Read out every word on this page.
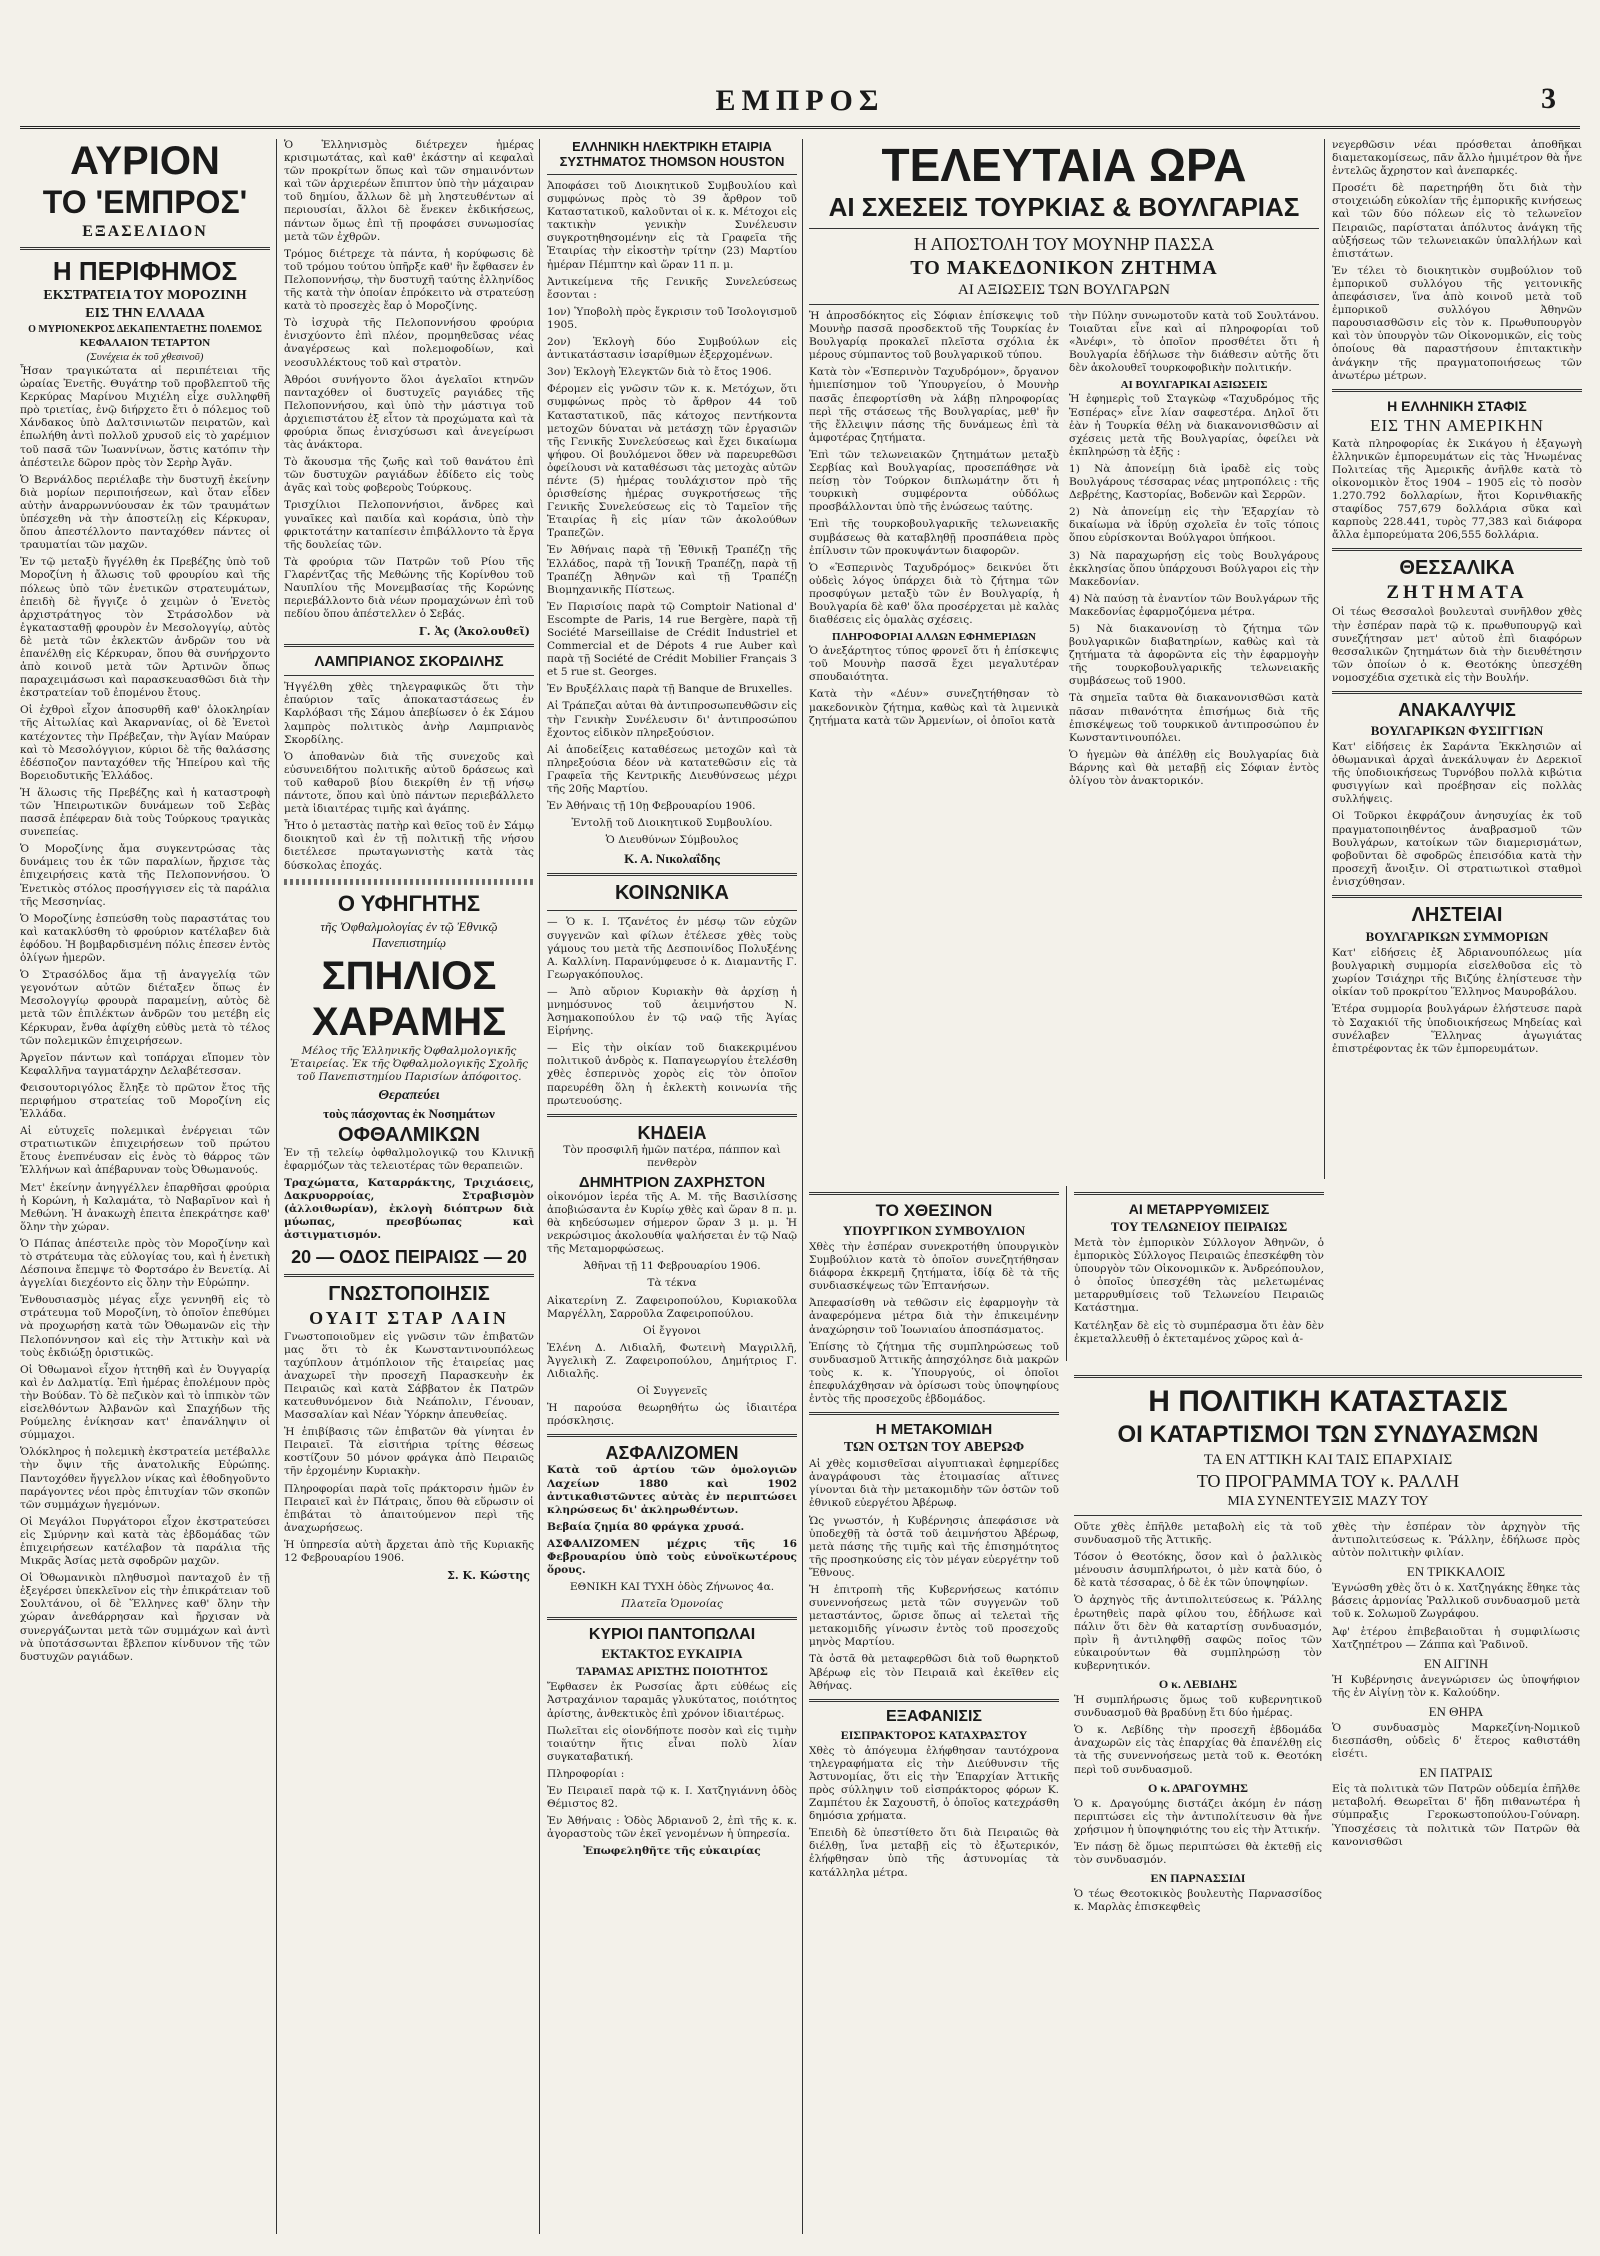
ΕΜΠΡΟΣ	3
ΑΥΡΙΟΝ
ΤΟ 'ΕΜΠΡΟΣ'
ΕΞΑΣΕΛΙΔΟΝ
Η ΠΕΡΙΦΗΜΟΣ
ΕΚΣΤΡΑΤΕΙΑ ΤΟΥ ΜΟΡΟΖΙΝΗ
ΕΙΣ ΤΗΝ ΕΛΛΑΔΑ
Ο ΜΥΡΙΟΝΕΚΡΟΣ ΔΕΚΑΠΕΝΤΑΕΤΗΣ ΠΟΛΕΜΟΣ
ΚΕΦΑΛΑΙΟΝ ΤΕΤΑΡΤΟΝ
(Συνέχεια ἐκ τοῦ χθεσινοῦ)

Ἦσαν τραγικώτατα αἱ περιπέτειαι τῆς ὡραίας Ἐνετῆς. Θυγάτηρ τοῦ προβλεπτοῦ τῆς Κερκύρας Μαρίνου Μιχιέλη εἶχε συλληφθῆ πρὸ τριετίας, ἐνῷ διήρχετο ἔτι ὁ πόλεμος τοῦ Χάνδακος ὑπὸ Δαλτσινιωτῶν πειρατῶν, καὶ ἐπωλήθη ἀντὶ πολλοῦ χρυσοῦ εἰς τὸ χαρέμιον τοῦ πασᾶ τῶν Ἰωαννίνων, ὅστις κατόπιν τὴν ἀπέστειλε δῶρον πρὸς τὸν Σερὴρ Ἀγᾶν.

Ὁ Βερνάλδος περιέλαβε τὴν δυστυχῆ ἐκείνην διὰ μορίων περιποιήσεων, καὶ ὅταν εἶδεν αὐτὴν ἀναρρωννύουσαν ἐκ τῶν τραυμάτων ὑπέσχεθη νὰ τὴν ἀποστείλῃ εἰς Κέρκυραν, ὅπου ἀπεστέλλοντο πανταχόθεν πάντες οἱ τραυματίαι τῶν μαχῶν.

Ἐν τῷ μεταξὺ ἤγγέλθη ἐκ Πρεβέζης ὑπὸ τοῦ Μοροζίνη ἡ ἄλωσις τοῦ φρουρίου καὶ τῆς πόλεως ὑπὸ τῶν ἐνετικῶν στρατευμάτων, ἐπειδὴ δὲ ἤγγιζε ὁ χειμὼν ὁ Ἐνετὸς ἀρχιστράτηγος τὸν Στράσολδον νὰ ἐγκατασταθῇ φρουρὸν ἐν Μεσολογγίῳ, αὐτὸς δὲ μετὰ τῶν ἐκλεκτῶν ἀνδρῶν του νὰ ἐπανέλθῃ εἰς Κέρκυραν, ὅπου θὰ συνήρχοντο ἀπὸ κοινοῦ μετὰ τῶν Ἀρτινῶν ὅπως παραχειμάσωσι καὶ παρασκευασθῶσι διὰ τὴν ἐκστρατείαν τοῦ ἐπομένου ἔτους.

Οἱ ἐχθροὶ εἶχον ἀποσυρθῆ καθ' ὁλοκληρίαν τῆς Αἰτωλίας καὶ Ἀκαρνανίας, οἱ δὲ Ἐνετοὶ κατέχοντες τὴν Πρέβεζαν, τὴν Ἁγίαν Μαύραν καὶ τὸ Μεσολόγγιον, κύριοι δὲ τῆς θαλάσσης ἐδέσποζον πανταχόθεν τῆς Ἠπείρου καὶ τῆς Βορειοδυτικῆς Ἑλλάδος.

Ἡ ἅλωσις τῆς Πρεβέζης καὶ ἡ καταστροφὴ τῶν Ἠπειρωτικῶν δυνάμεων τοῦ Σεβὰς πασσᾶ ἐπέφεραν διὰ τοὺς Τούρκους τραγικὰς συνεπείας.

Ὁ Μοροζίνης ἄμα συγκεντρώσας τὰς δυνάμεις του ἐκ τῶν παραλίων, ἤρχισε τὰς ἐπιχειρήσεις κατὰ τῆς Πελοποννήσου. Ὁ Ἑνετικὸς στόλος προσήγγισεν εἰς τὰ παράλια τῆς Μεσσηνίας.

Ὁ Μοροζίνης ἐσπεύσθη τοὺς παραστάτας του καὶ κατακλύσθη τὸ φρούριον κατέλαβεν διὰ ἐφόδου. Ἡ βομβαρδισμένη πόλις ἐπεσεν ἐντὸς ὀλίγων ἡμερῶν.

Ὁ Στρασόλδος ἅμα τῇ ἀναγγελίᾳ τῶν γεγονότων αὐτῶν διέταξεν ὅπως ἐν Μεσολογγίῳ φρουρὰ παραμείνῃ, αὐτὸς δὲ μετὰ τῶν ἐπιλέκτων ἀνδρῶν του μετέβη εἰς Κέρκυραν, ἔνθα ἀφίχθη εὐθὺς μετὰ τὸ τέλος τῶν πολεμικῶν ἐπιχειρήσεων.

Ἀργεῖον πάντων καὶ τοπάρχαι εἴπομεν τὸν Κεφαλλῆνα ταγματάρχην Δελαβέτεσσαν.

Φεισουτοριγόλος ἔληξε τὸ πρῶτον ἔτος τῆς περιφήμου στρατείας τοῦ Μοροζίνη εἰς Ἑλλάδα.

Αἱ εὐτυχεῖς πολεμικαὶ ἐνέργειαι τῶν στρατιωτικῶν ἐπιχειρήσεων τοῦ πρώτου ἔτους ἐνεπνέυσαν εἰς ἐνὸς τὸ θάρρος τῶν Ἑλλήνων καὶ ἀπέβαρυναν τοὺς Ὀθωμανούς.

Μετ' ἐκείνην ἀνηγγέλλεν ἐπαρθῆσαι φρούρια ἡ Κορώνη, ἡ Καλαμάτα, τὸ Ναβαρῖνον καὶ ἡ Μεθώνη. Ἡ ἀνακωχὴ ἐπειτα ἐπεκράτησε καθ' ὅλην τὴν χώραν.

Ὁ Πάπας ἀπέστειλε πρὸς τὸν Μοροζίνην καὶ τὸ στράτευμα τὰς εὐλογίας του, καὶ ἡ ἐνετικὴ Δέσποινα ἔπεμψε τὸ Φορτσάρο ἐν Βενετίᾳ. Αἱ ἀγγελίαι διεχέοντο εἰς ὅλην τὴν Εὐρώπην.

Ἐνθουσιασμὸς μέγας εἶχε γεννηθῆ εἰς τὸ στράτευμα τοῦ Μοροζίνη, τὸ ὁποῖον ἐπεθύμει νὰ προχωρήσῃ κατὰ τῶν Ὀθωμανῶν εἰς τὴν Πελοπόννησον καὶ εἰς τὴν Ἀττικὴν καὶ νὰ τοὺς ἐκδιώξῃ ὁριστικῶς.

Οἱ Ὀθωμανοὶ εἶχον ἡττηθῆ καὶ ἐν Ὀυγγαρίᾳ καὶ ἐν Δαλματίᾳ. Ἐπὶ ἡμέρας ἐπολέμουν πρὸς τὴν Βούδαν. Τὸ δὲ πεζικὸν καὶ τὸ ἱππικὸν τῶν εἰσελθόντων Ἀλβανῶν καὶ Σπαχήδων τῆς Ρούμελης ἐνίκησαν κατ' ἐπανάληψιν οἱ σύμμαχοι.

Ὁλόκληρος ἡ πολεμικὴ ἐκστρατεία μετέβαλλε τὴν ὄψιν τῆς ἀνατολικῆς Εὐρώπης. Παντοχόθεν ἤγγελλον νίκας καὶ ἐθοδηγοῦντο παράγοντες νέοι πρὸς ἐπιτυχίαν τῶν σκοπῶν τῶν συμμάχων ἡγεμόνων.

Οἱ Μεγάλοι Πυργάτοροι εἶχον ἐκστρατεύσει εἰς Σμύρνην καὶ κατὰ τὰς ἐβδομάδας τῶν ἐπιχειρήσεων κατέλαβον τὰ παράλια τῆς Μικρᾶς Ἀσίας μετὰ σφοδρῶν μαχῶν.

Οἱ Ὀθωμανικὸι πληθυσμοὶ πανταχοῦ ἐν τῇ ἐξεγέρσει ὑπεκλεῖνον εἰς τὴν ἐπικράτειαν τοῦ Σουλτάνου, οἱ δὲ Ἕλληνες καθ' ὅλην τὴν χώραν ἀνεθάρρησαν καὶ ἤρχισαν νὰ συνεργάζωνται μετὰ τῶν συμμάχων καὶ ἀντὶ νὰ ὑποτάσσωνται ἔβλεπον κίνδυνον τῆς τῶν δυστυχῶν ραγιάδων.

Ὁ Ἑλληνισμὸς διέτρεχεν ἡμέρας κρισιμωτάτας, καὶ καθ' ἑκάστην αἱ κεφαλαὶ τῶν προκρίτων ὅπως καὶ τῶν σημαινόντων καὶ τῶν ἀρχιερέων ἔπιπτον ὑπὸ τὴν μάχαιραν τοῦ δημίου, ἄλλων δὲ μὴ ληστευθέντων αἱ περιουσίαι, ἄλλοι δὲ ἕνεκεν ἐκδικήσεως, πάντων ὅμως ἐπὶ τῇ προφάσει συνωμοσίας μετὰ τῶν ἐχθρῶν.

Τρόμος διέτρεχε τὰ πάντα, ἡ κορύφωσις δὲ τοῦ τρόμου τούτου ὑπῆρξε καθ' ἣν ἔφθασεν ἐν Πελοποννήσῳ, τὴν δυστυχῆ ταύτης ἑλληνίδος τῆς κατὰ τὴν ὁποίαν ἐπρόκειτο νὰ στρατεύσῃ κατὰ τὸ προσεχὲς ἔαρ ὁ Μοροζίνης.

Τὸ ἰσχυρὰ τῆς Πελοποννήσου φρούρια ἐνισχύοντο ἐπὶ πλέον, προμηθεῦσας νέας ἀναγέρσεως καὶ πολεμοφοδίων, καὶ νεοσυλλέκτους τοῦ καὶ στρατὸν.

Ἀθρόοι συνήγοντο ὅλοι ἀγελαῖοι κτηνῶν πανταχόθεν οἱ δυστυχεῖς ραγιάδες τῆς Πελοποννήσου, καὶ ὑπὸ τὴν μάστιγα τοῦ ἀρχιεπιστάτου ἐξ εἶτον τὰ προχώματα καὶ τὰ φρούρια ὅπως ἐνισχύσωσι καὶ ἀνεγείρωσι τὰς ἀνάκτορα.

Τὸ ἄκουσμα τῆς ζωῆς καὶ τοῦ θανάτου ἐπὶ τῶν δυστυχῶν ραγιάδων ἐδίδετο εἰς τοὺς ἀγᾶς καὶ τοὺς φοβεροὺς Τούρκους.

Τρισχίλιοι Πελοποννήσιοι, ἄνδρες καὶ γυναῖκες καὶ παιδία καὶ κοράσια, ὑπὸ τὴν φρικτοτάτην καταπίεσιν ἐπιβάλλοντο τὰ ἔργα τῆς δουλείας τῶν.

Τὰ φρούρια τῶν Πατρῶν τοῦ Ρίου τῆς Γλαρέντζας τῆς Μεθώνης τῆς Κορίνθου τοῦ Ναυπλίου τῆς Μονεμβασίας τῆς Κορώνης περιεβάλλοντο διὰ νέων προμαχώνων ἐπὶ τοῦ πεδίου ὅπου ἀπέστελλεν ὁ Σεβάς.

Γ. Ἀς (Ἀκολουθεῖ)
ΛΑΜΠΡΙΑΝΟΣ ΣΚΟΡΔΙΛΗΣ

Ἠγγέλθη χθὲς τηλεγραφικῶς ὅτι τὴν ἐπαύριον ταῖς ἀποκαταστάσεως ἐν Καρλόβασι τῆς Σάμου ἀπεβίωσεν ὁ ἐκ Σάμου λαμπρὸς πολιτικὸς ἀνὴρ Λαμπριανὸς Σκορδίλης.

Ὁ ἀποθανὼν διὰ τῆς συνεχοῦς καὶ εὐσυνειδήτου πολιτικῆς αὐτοῦ δράσεως καὶ τοῦ καθαροῦ βίου διεκρίθη ἐν τῇ νήσῳ πάντοτε, ὅπου καὶ ὑπὸ πάντων περιεβάλλετο μετὰ ἰδιαιτέρας τιμῆς καὶ ἀγάπης.

Ἦτο ὁ μεταστὰς πατὴρ καὶ θεῖος τοῦ ἐν Σάμῳ διοικητοῦ καὶ ἐν τῇ πολιτικῇ τῆς νήσου διετέλεσε πρωταγωνιστὴς κατὰ τὰς δύσκολας ἐποχάς.

Ο ΥΦΗΓΗΤΗΣ
τῆς Ὀφθαλμολογίας ἐν τῷ Ἐθνικῷ Πανεπιστημίῳ
ΣΠΗΛΙΟΣ
ΧΑΡΑΜΗΣ

Μέλος τῆς Ἑλληνικῆς Ὀφθαλμολογικῆς Ἑταιρείας. Ἐκ τῆς Ὀφθαλμολογικῆς Σχολῆς τοῦ Πανεπιστημίου Παρισίων ἀπόφοιτος.

Θεραπεύει
τοὺς πάσχοντας ἐκ Νοσημάτων
ΟΦΘΑΛΜΙΚΩΝ

Ἐν τῇ τελείῳ ὀφθαλμολογικῷ του Κλινικῇ ἐφαρμόζων τὰς τελειοτέρας τῶν θεραπειῶν.

Τραχώματα, Καταρράκτης, Τριχιάσεις, Δακρυορροίας, Στραβισμὸν (ἀλλοιθωρίαν), ἐκλογὴ διόπτρων διὰ μύωπας, πρεσβύωπας καὶ ἀστιγματισμόν.

20 — ΟΔΟΣ ΠΕΙΡΑΙΩΣ — 20
ΓΝΩΣΤΟΠΟΙΗΣΙΣ
ΟΥΑΙΤ ΣΤΑΡ ΛΑΙΝ

Γνωστοποιοῦμεν εἰς γνῶσιν τῶν ἐπιβατῶν μας ὅτι τὸ ἐκ Κωνσταντινουπόλεως ταχύπλουν ἀτμόπλοιον τῆς ἑταιρείας μας ἀναχωρεῖ τὴν προσεχῆ Παρασκευὴν ἐκ Πειραιῶς καὶ κατὰ Σάββατον ἐκ Πατρῶν κατευθυνόμενον διὰ Νεάπολιν, Γένουαν, Μασσαλίαν καὶ Νέαν Ὑόρκην ἀπευθείας.

Ἡ ἐπιβίβασις τῶν ἐπιβατῶν θὰ γίνηται ἐν Πειραιεῖ. Τὰ εἰσιτήρια τρίτης θέσεως κοστίζουν 50 μόνον φράγκα ἀπὸ Πειραιῶς τῆν ἐρχομένην Κυριακὴν.

Πληροφορίαι παρὰ τοῖς πράκτορσιν ἡμῶν ἐν Πειραιεῖ καὶ ἐν Πάτραις, ὅπου θὰ εὕρωσιν οἱ ἐπιβάται τὸ ἀπαιτούμενον περὶ τῆς ἀναχωρήσεως.

Ἡ ὑπηρεσία αὐτὴ ἄρχεται ἀπὸ τῆς Κυριακῆς 12 Φεβρουαρίου 1906.

Σ. Κ. Κώστης
ΕΛΛΗΝΙΚΗ ΗΛΕΚΤΡΙΚΗ ΕΤΑΙΡΙΑ
ΣΥΣΤΗΜΑΤΟΣ THOMSON HOUSTON

Ἀποφάσει τοῦ Διοικητικοῦ Συμβουλίου καὶ συμφώνως πρὸς τὸ 39 ἄρθρον τοῦ Καταστατικοῦ, καλοῦνται οἱ κ. κ. Μέτοχοι εἰς τακτικὴν γενικὴν Συνέλευσιν συγκροτηθησομένην εἰς τὰ Γραφεῖα τῆς Ἑταιρίας τὴν εἰκοστὴν τρίτην (23) Μαρτίου ἡμέραν Πέμπτην καὶ ὥραν 11 π. μ.

Ἀντικείμενα τῆς Γενικῆς Συνελεύσεως ἔσονται :

1ον) Ὑποβολὴ πρὸς ἔγκρισιν τοῦ Ἰσολογισμοῦ 1905.

2ον) Ἐκλογὴ δύο Συμβούλων εἰς ἀντικατάστασιν ἰσαρίθμων ἐξερχομένων.

3ον) Ἐκλογὴ Ἐλεγκτῶν διὰ τὸ ἔτος 1906.

Φέρομεν εἰς γνῶσιν τῶν κ. κ. Μετόχων, ὅτι συμφώνως πρὸς τὸ ἄρθρον 44 τοῦ Καταστατικοῦ, πᾶς κάτοχος πεντήκοντα μετοχῶν δύναται νὰ μετάσχῃ τῶν ἐργασιῶν τῆς Γενικῆς Συνελεύσεως καὶ ἔχει δικαίωμα ψήφου. Οἱ βουλόμενοι ὅθεν νὰ παρευρεθῶσι ὀφείλουσι νὰ καταθέσωσι τὰς μετοχὰς αὐτῶν πέντε (5) ἡμέρας τουλάχιστον πρὸ τῆς ὁρισθείσης ἡμέρας συγκροτήσεως τῆς Γενικῆς Συνελεύσεως εἰς τὸ Ταμεῖον τῆς Ἑταιρίας ἢ εἰς μίαν τῶν ἀκολούθων Τραπεζῶν.

Ἐν Ἀθήναις παρὰ τῇ Ἐθνικῇ Τραπέζῃ τῆς Ἑλλάδος, παρὰ τῇ Ἰονικῇ Τραπέζῃ, παρὰ τῇ Τραπέζῃ Ἀθηνῶν καὶ τῇ Τραπέζῃ Βιομηχανικῆς Πίστεως.

Ἐν Παρισίοις παρὰ τῷ Comptoir National d' Escompte de Paris, 14 rue Bergère, παρὰ τῇ Société Marseillaise de Crédit Industriel et Commercial et de Dépots 4 rue Auber καὶ παρὰ τῇ Société de Crédit Mobilier Français 3 et 5 rue st. Georges.

Ἐν Βρυξέλλαις παρὰ τῇ Banque de Bruxelles.

Αἱ Τράπεζαι αὐται θὰ ἀντιπροσωπευθῶσιν εἰς τὴν Γενικὴν Συνέλευσιν δι' ἀντιπροσώπου ἔχοντος εἰδικὸν πληρεξούσιον.

Αἱ ἀποδείξεις καταθέσεως μετοχῶν καὶ τὰ πληρεξούσια δέον νὰ κατατεθῶσιν εἰς τὰ Γραφεῖα τῆς Κεντρικῆς Διευθύνσεως μέχρι τῆς 20ῆς Μαρτίου.

Ἐν Ἀθήναις τῇ 10ῃ Φεβρουαρίου 1906.

Ἐντολῇ τοῦ Διοικητικοῦ Συμβουλίου.

Ὁ Διευθύνων Σύμβουλος

Κ. Α. Νικολαΐδης
ΚΟΙΝΩΝΙΚΑ

— Ὁ κ. Ι. Τζανέτος ἐν μέσῳ τῶν εὐχῶν συγγενῶν καὶ φίλων ἐτέλεσε χθὲς τοὺς γάμους του μετὰ τῆς Δεσποινίδος Πολυξένης Α. Καλλίνη. Παρανύμφευσε ὁ κ. Διαμαντῆς Γ. Γεωργακόπουλος.

— Ἀπὸ αὔριον Κυριακὴν θὰ ἀρχίσῃ ἡ μνημόσυνος τοῦ ἀειμνήστου Ν. Ἀσημακοπούλου ἐν τῷ ναῷ τῆς Ἁγίας Εἰρήνης.

— Εἰς τὴν οἰκίαν τοῦ διακεκριμένου πολιτικοῦ ἀνδρὸς κ. Παπαγεωργίου ἐτελέσθη χθὲς ἑσπερινὸς χορὸς εἰς τὸν ὁποῖον παρευρέθη ὅλη ἡ ἐκλεκτὴ κοινωνία τῆς πρωτευούσης.

ΚΗΔΕΙΑ

Τὸν προσφιλῆ ἡμῶν πατέρα, πάππον καὶ πενθερὸν

ΔΗΜΗΤΡΙΟΝ ΖΑΧΡΗΣΤΟΝ

οἰκονόμον ἱερέα τῆς Α. Μ. τῆς Βασιλίσσης ἀποβιώσαντα ἐν Κυρίῳ χθὲς καὶ ὥραν 8 π. μ. θὰ κηδεύσωμεν σήμερον ὥραν 3 μ. μ. Ἡ νεκρώσιμος ἀκολουθία ψαλήσεται ἐν τῷ Ναῷ τῆς Μεταμορφώσεως.

Ἀθῆναι τῇ 11 Φεβρουαρίου 1906.

Τὰ τέκνα

Αἰκατερίνη Ζ. Ζαφειροπούλου, Κυριακοῦλα Μαργέλλη, Σαρροῦλα Ζαφειροπούλου.

Οἱ ἔγγονοι

Ἑλένη Δ. Λιδιαλῆ, Φωτεινὴ Μαγριλλῆ, Ἀγγελικὴ Ζ. Ζαφειροπούλου, Δημήτριος Γ. Λιδιαλῆς.

Οἱ Συγγενεῖς

Ἡ παρούσα θεωρηθήτω ὡς ἰδιαιτέρα πρόσκλησις.

ΑΣΦΑΛΙΖΟΜΕΝ

Κατὰ τοῦ ἀρτίου τῶν ὁμολογιῶν Λαχείων 1880 καὶ 1902 ἀντικαθιστῶντες αὐτὰς ἐν περιπτώσει κληρώσεως δι' ἀκληρωθέντων.

Βεβαία ζημία 80 φράγκα χρυσά.

ΑΣΦΑΛΙΖΟΜΕΝ μέχρις τῆς 16 Φεβρουαρίου ὑπὸ τοὺς εὐνοϊκωτέρους ὅρους.

ΕΘΝΙΚΗ ΚΑΙ ΤΥΧΗ ὁδὸς Ζήνωνος 4α.

Πλατεῖα Ὁμονοίας

ΚΥΡΙΟΙ ΠΑΝΤΟΠΩΛΑΙ
ΕΚΤΑΚΤΟΣ ΕΥΚΑΙΡΙΑ
ΤΑΡΑΜΑΣ ΑΡΙΣΤΗΣ ΠΟΙΟΤΗΤΟΣ

Ἔφθασεν ἐκ Ρωσσίας ἄρτι εὐθέως εἰς Ἀστραχάνιον ταραμᾶς γλυκύτατος, ποιότητος ἀρίστης, ἀνθεκτικὸς ἐπὶ χρόνον ἰδιαιτέρως.

Πωλεῖται εἰς οἰονδήποτε ποσὸν καὶ εἰς τιμὴν τοιαύτην ἥτις εἶναι πολὺ λίαν συγκαταβατική.

Πληροφορίαι :

Ἐν Πειραιεῖ παρὰ τῷ κ. Ι. Χατζηγιάννη ὁδὸς Θέμιστος 82.

Ἐν Ἀθήναις : Ὁδὸς Ἀδριανοῦ 2, ἐπὶ τῆς κ. κ. ἀγοραστοὺς τῶν ἐκεῖ γενομένων ἡ ὑπηρεσία.

Ἐπωφεληθῆτε τῆς εὐκαιρίας

ΤΕΛΕΥΤΑΙΑ ΩΡΑ
ΑΙ ΣΧΕΣΕΙΣ ΤΟΥΡΚΙΑΣ & ΒΟΥΛΓΑΡΙΑΣ
Η ΑΠΟΣΤΟΛΗ ΤΟΥ ΜΟΥΝΗΡ ΠΑΣΣΑ
ΤΟ ΜΑΚΕΔΟΝΙΚΟΝ ΖΗΤΗΜΑ
ΑΙ ΑΞΙΩΣΕΙΣ ΤΩΝ ΒΟΥΛΓΑΡΩΝ

Ἡ ἀπροσδόκητος εἰς Σόφιαν ἐπίσκεψις τοῦ Μουνὴρ πασσᾶ προσδεκτοῦ τῆς Τουρκίας ἐν Βουλγαρίᾳ προκαλεῖ πλεῖστα σχόλια ἐκ μέρους σύμπαντος τοῦ βουλγαρικοῦ τύπου.

Κατὰ τὸν «Ἑσπερινὸν Ταχυδρόμον», ὄργανον ἡμιεπίσημον τοῦ Ὑπουργείου, ὁ Μουνὴρ πασᾶς ἐπεφορτίσθη νὰ λάβῃ πληροφορίας περὶ τῆς στάσεως τῆς Βουλγαρίας, μεθ' ἣν τῆς ἔλλειψιν πάσης τῆς δυνάμεως ἐπὶ τὰ ἀμφοτέρας ζητήματα.

Ἐπὶ τῶν τελωνειακῶν ζητημάτων μεταξὺ Σερβίας καὶ Βουλγαρίας, προσεπάθησε νὰ πείσῃ τὸν Τούρκον διπλωμάτην ὅτι ἡ τουρκικὴ συμφέροντα οὐδόλως προσβάλλονται ὑπὸ τῆς ἑνώσεως ταύτης.

Ἐπὶ τῆς τουρκοβουλγαρικῆς τελωνειακῆς συμβάσεως θὰ καταβληθῇ προσπάθεια πρὸς ἐπίλυσιν τῶν προκυψάντων διαφορῶν.

Ὁ «Ἑσπερινὸς Ταχυδρόμος» δεικνύει ὅτι οὐδεὶς λόγος ὑπάρχει διὰ τὸ ζήτημα τῶν προσφύγων μεταξὺ τῶν ἐν Βουλγαρίᾳ, ἡ Βουλγαρία δὲ καθ' ὅλα προσέρχεται μὲ καλὰς διαθέσεις εἰς ὁμαλὰς σχέσεις.

ΠΛΗΡΟΦΟΡΙΑΙ ΑΛΛΩΝ ΕΦΗΜΕΡΙΔΩΝ

Ὁ ἀνεξάρτητος τύπος φρονεῖ ὅτι ἡ ἐπίσκεψις τοῦ Μουνὴρ πασσᾶ ἔχει μεγαλυτέραν σπουδαιότητα.

Κατὰ τὴν «Δέυν» συνεζητήθησαν τὸ μακεδονικὸν ζήτημα, καθὼς καὶ τὰ λιμενικὰ ζητήματα κατὰ τῶν Ἀρμενίων, οἱ ὁποῖοι κατὰ

τὴν Πύλην συνωμοτοῦν κατὰ τοῦ Σουλτάνου. Τοιαῦται εἶνε καὶ αἱ πληροφορίαι τοῦ «Ἀνέφι», τὸ ὁποῖον προσθέτει ὅτι ἡ Βουλγαρία ἐδήλωσε τὴν διάθεσιν αὐτῆς ὅτι δὲν ἀκολουθεῖ τουρκοφοβικὴν πολιτικήν.

ΑΙ ΒΟΥΛΓΑΡΙΚΑΙ ΑΞΙΩΣΕΙΣ

Ἡ ἐφημερὶς τοῦ Σταγκὼφ «Ταχυδρόμος τῆς Ἑσπέρας» εἶνε λίαν σαφεστέρα. Δηλοῖ ὅτι ἐὰν ἡ Τουρκία θέλῃ νὰ διακανονισθῶσιν αἱ σχέσεις μετὰ τῆς Βουλγαρίας, ὀφείλει νὰ ἐκπληρώσῃ τὰ ἑξῆς :

1) Νὰ ἀπονείμῃ διὰ ἰραδὲ εἰς τοὺς Βουλγάρους τέσσαρας νέας μητροπόλεις : τῆς Δεβρέτης, Καστορίας, Βοδενῶν καὶ Σερρῶν.

2) Νὰ ἀπονείμῃ εἰς τὴν Ἐξαρχίαν τὸ δικαίωμα νὰ ἱδρύῃ σχολεῖα ἐν τοῖς τόποις ὅπου εὑρίσκονται Βούλγαροι ὑπήκοοι.

3) Νὰ παραχωρήσῃ εἰς τοὺς Βουλγάρους ἐκκλησίας ὅπου ὑπάρχουσι Βούλγαροι εἰς τὴν Μακεδονίαν.

4) Νὰ παύσῃ τὰ ἐναντίον τῶν Βουλγάρων τῆς Μακεδονίας ἐφαρμοζόμενα μέτρα.

5) Νὰ διακανονίσῃ τὸ ζήτημα τῶν βουλγαρικῶν διαβατηρίων, καθὼς καὶ τὰ ζητήματα τὰ ἀφορῶντα εἰς τὴν ἐφαρμογὴν τῆς τουρκοβουλγαρικῆς τελωνειακῆς συμβάσεως τοῦ 1900.

Τὰ σημεῖα ταῦτα θὰ διακανονισθῶσι κατὰ πᾶσαν πιθανότητα ἐπισήμως διὰ τῆς ἐπισκέψεως τοῦ τουρκικοῦ ἀντιπροσώπου ἐν Κωνσταντινουπόλει.

Ὁ ἡγεμὼν θὰ ἀπέλθῃ εἰς Βουλγαρίας διὰ Βάρνης καὶ θὰ μεταβῇ εἰς Σόφιαν ἐντὸς ὀλίγου τὸν ἀνακτορικόν.

νεγερθῶσιν νέαι πρόσθεται ἀποθῆκαι διαμετακομίσεως, πᾶν ἄλλο ἡμιμέτρον θὰ ἦνε ἐντελῶς ἄχρηστον καὶ ἀνεπαρκές.

Προσέτι δὲ παρετηρήθη ὅτι διὰ τὴν στοιχειώδη εὐκολίαν τῆς ἐμπορικῆς κινήσεως καὶ τῶν δύο πόλεων εἰς τὸ τελωνεῖον Πειραιῶς, παρίσταται ἀπόλυτος ἀνάγκη τῆς αὐξήσεως τῶν τελωνειακῶν ὑπαλλήλων καὶ ἐπιστάτων.

Ἐν τέλει τὸ διοικητικὸν συμβούλιον τοῦ ἐμπορικοῦ συλλόγου τῆς γειτονικῆς ἀπεφάσισεν, ἵνα ἀπὸ κοινοῦ μετὰ τοῦ ἐμπορικοῦ συλλόγου Ἀθηνῶν παρουσιασθῶσιν εἰς τὸν κ. Πρωθυπουργὸν καὶ τὸν ὑπουργὸν τῶν Οἰκονομικῶν, εἰς τοὺς ὁποίους θὰ παραστήσουν ἐπιτακτικὴν ἀνάγκην τῆς πραγματοποιήσεως τῶν ἀνωτέρω μέτρων.

Η ΕΛΛΗΝΙΚΗ ΣΤΑΦΙΣ
ΕΙΣ ΤΗΝ ΑΜΕΡΙΚΗΝ

Κατὰ πληροφορίας ἐκ Σικάγου ἡ ἐξαγωγὴ ἑλληνικῶν ἐμπορευμάτων εἰς τὰς Ἡνωμένας Πολιτείας τῆς Ἀμερικῆς ἀνῆλθε κατὰ τὸ οἰκονομικὸν ἔτος 1904 – 1905 εἰς τὸ ποσὸν 1.270.792 δολλαρίων, ἤτοι Κορινθιακῆς σταφίδος 757,679 δολλάρια σῦκα καὶ καρποὺς 228.441, τυρὸς 77,383 καὶ διάφορα ἄλλα ἐμπορεύματα 206,555 δολλάρια.

ΘΕΣΣΑΛΙΚΑ
ΖΗΤΗΜΑΤΑ

Οἱ τέως Θεσσαλοὶ βουλευταὶ συνῆλθον χθὲς τὴν ἑσπέραν παρὰ τῷ κ. πρωθυπουργῷ καὶ συνεζήτησαν μετ' αὐτοῦ ἐπὶ διαφόρων θεσσαλικῶν ζητημάτων διὰ τὴν διευθέτησιν τῶν ὁποίων ὁ κ. Θεοτόκης ὑπεσχέθη νομοσχέδια σχετικὰ εἰς τὴν Βουλήν.

ΑΝΑΚΑΛΥΨΙΣ
ΒΟΥΛΓΑΡΙΚΩΝ ΦΥΣΙΓΓΙΩΝ

Κατ' εἰδήσεις ἐκ Σαράντα Ἐκκλησιῶν αἱ ὀθωμανικαὶ ἀρχαὶ ἀνεκάλυψαν ἐν Δερεκιοῖ τῆς ὑποδιοικήσεως Τυρνόβου πολλὰ κιβώτια φυσιγγίων καὶ προέβησαν εἰς πολλὰς συλλήψεις.

Οἱ Τοῦρκοι ἐκφράζουν ἀνησυχίας ἐκ τοῦ πραγματοποιηθέντος ἀναβρασμοῦ τῶν Βουλγάρων, κατοίκων τῶν διαμερισμάτων, φοβοῦνται δὲ σφοδρῶς ἐπεισόδια κατὰ τὴν προσεχῆ ἄνοιξιν. Οἱ στρατιωτικοὶ σταθμοὶ ἐνισχύθησαν.

ΛΗΣΤΕΙΑΙ
ΒΟΥΛΓΑΡΙΚΩΝ ΣΥΜΜΟΡΙΩΝ

Κατ' εἰδήσεις ἐξ Ἀδριανουπόλεως μία βουλγαρικὴ συμμορία εἰσελθοῦσα εἰς τὸ χωρίον Τσιάχηρι τῆς Βιζύης ἐληίστευσε τὴν οἰκίαν τοῦ προκρίτου Ἕλληνος Μαυροβάλου.

Ἑτέρα συμμορία βουλγάρων ἐλήστευσε παρὰ τὸ Σαχακιόϊ τῆς ὑποδιοικήσεως Μηδείας καὶ συνέλαβεν Ἕλληνας ἀγωγιάτας ἐπιστρέφοντας ἐκ τῶν ἐμπορευμάτων.

ΤΟ ΧΘΕΣΙΝΟΝ
ΥΠΟΥΡΓΙΚΟΝ ΣΥΜΒΟΥΛΙΟΝ

Χθὲς τὴν ἑσπέραν συνεκροτήθη ὑπουργικὸν Συμβούλιον κατὰ τὸ ὁποῖον συνεζητήθησαν διάφορα ἐκκρεμῆ ζητήματα, ἰδίᾳ δὲ τὰ τῆς συνδιασκέψεως τῶν Ἑπτανήσων.

Ἀπεφασίσθη νὰ τεθῶσιν εἰς ἐφαρμογὴν τὰ ἀναφερόμενα μέτρα διὰ τὴν ἐπικειμένην ἀναχώρησιν τοῦ Ἰοωνιαίου ἀποσπάσματος.

Ἐπίσης τὸ ζήτημα τῆς συμπληρώσεως τοῦ συνδυασμοῦ Ἀττικῆς ἀπησχόλησε διὰ μακρῶν τοὺς κ. κ. Ὑπουργούς, οἱ ὁποῖοι ἐπεφυλάχθησαν νὰ ὁρίσωσι τοὺς ὑποψηφίους ἐντὸς τῆς προσεχοῦς ἑβδομάδος.

Η ΜΕΤΑΚΟΜΙΔΗ
ΤΩΝ ΟΣΤΩΝ ΤΟΥ ΑΒΕΡΩΦ

Αἱ χθὲς κομισθεῖσαι αἰγυπτιακαὶ ἐφημερίδες ἀναγράφουσι τὰς ἑτοιμασίας αἵτινες γίνονται διὰ τὴν μετακομιδὴν τῶν ὀστῶν τοῦ ἐθνικοῦ εὐεργέτου Ἀβέρωφ.

Ὡς γνωστόν, ἡ Κυβέρνησις ἀπεφάσισε νὰ ὑποδεχθῇ τὰ ὀστᾶ τοῦ ἀειμνήστου Ἀβέρωφ, μετὰ πάσης τῆς τιμῆς καὶ τῆς ἐπισημότητος τῆς προσηκούσης εἰς τὸν μέγαν εὐεργέτην τοῦ Ἔθνους.

Ἡ ἐπιτροπὴ τῆς Κυβερνήσεως κατόπιν συνεννοήσεως μετὰ τῶν συγγενῶν τοῦ μεταστάντος, ὥρισε ὅπως αἱ τελεταὶ τῆς μετακομιδῆς γίνωσιν ἐντὸς τοῦ προσεχοῦς μηνὸς Μαρτίου.

Τὰ ὀστᾶ θὰ μεταφερθῶσι διὰ τοῦ θωρηκτοῦ Ἀβέρωφ εἰς τὸν Πειραιᾶ καὶ ἐκεῖθεν εἰς Ἀθήνας.

ΕΞΑΦΑΝΙΣΙΣ
ΕΙΣΠΡΑΚΤΟΡΟΣ ΚΑΤΑΧΡΑΣΤΟΥ

Χθὲς τὸ ἀπόγευμα ἐλήφθησαν ταυτόχρονα τηλεγραφήματα εἰς τὴν Διεύθυνσιν τῆς Ἀστυνομίας, ὅτι εἰς τὴν Ἐπαρχίαν Ἀττικῆς πρὸς σύλληψιν τοῦ εἰσπράκτορος φόρων Κ. Ζαμπέτου ἐκ Σαχουστῆ, ὁ ὁποῖος κατεχράσθη δημόσια χρήματα.

Ἐπειδὴ δὲ ὑπεστίθετο ὅτι διὰ Πειραιῶς θὰ διέλθῃ, ἴνα μεταβῇ εἰς τὸ ἐξωτερικόν, ἐλήφθησαν ὑπὸ τῆς ἀστυνομίας τὰ κατάλληλα μέτρα.

ΑΙ ΜΕΤΑΡΡΥΘΜΙΣΕΙΣ
ΤΟΥ ΤΕΛΩΝΕΙΟΥ ΠΕΙΡΑΙΩΣ

Μετὰ τὸν ἐμπορικὸν Σύλλογον Ἀθηνῶν, ὁ ἐμπορικὸς Σύλλογος Πειραιῶς ἐπεσκέφθη τὸν ὑπουργὸν τῶν Οἰκονομικῶν κ. Ἀνδρεόπουλον, ὁ ὁποῖος ὑπεσχέθη τὰς μελετωμένας μεταρρυθμίσεις τοῦ Τελωνείου Πειραιῶς Κατάστημα.

Κατέληξαν δὲ εἰς τὸ συμπέρασμα ὅτι ἐὰν δὲν ἐκμεταλλευθῇ ὁ ἐκτεταμένος χῶρος καὶ ἀ-

Η ΠΟΛΙΤΙΚΗ ΚΑΤΑΣΤΑΣΙΣ
ΟΙ ΚΑΤΑΡΤΙΣΜΟΙ ΤΩΝ ΣΥΝΔΥΑΣΜΩΝ
ΤΑ ΕΝ ΑΤΤΙΚΗ ΚΑΙ ΤΑΙΣ ΕΠΑΡΧΙΑΙΣ
ΤΟ ΠΡΟΓΡΑΜΜΑ ΤΟΥ κ. ΡΑΛΛΗ
ΜΙΑ ΣΥΝΕΝΤΕΥΞΙΣ ΜΑΖΥ ΤΟΥ

Οὔτε χθὲς ἐπῆλθε μεταβολὴ εἰς τὰ τοῦ συνδυασμοῦ τῆς Ἀττικῆς.

Τόσον ὁ Θεοτόκης, ὅσον καὶ ὁ ῥαλλικὸς μένουσιν ἀσυμπλήρωτοι, ὁ μὲν κατὰ δύο, ὁ δὲ κατὰ τέσσαρας, ὁ δὲ ἐκ τῶν ὑποψηφίων.

Ὁ ἀρχηγὸς τῆς ἀντιπολιτεύσεως κ. Ῥάλλης ἐρωτηθεὶς παρὰ φίλου του, ἐδήλωσε καὶ πάλιν ὅτι δὲν θὰ καταρτίσῃ συνδυασμόν, πρὶν ἢ ἀντιληφθῇ σαφῶς ποῖος τῶν εὐκαιρούντων θὰ συμπληρώσῃ τὸν κυβερνητικόν.

Ο κ. ΛΕΒΙΔΗΣ

Ἡ συμπλήρωσις ὅμως τοῦ κυβερνητικοῦ συνδυασμοῦ θὰ βραδύνῃ ἔτι δύο ἡμέρας.

Ὁ κ. Λεβίδης τὴν προσεχῆ ἑβδομάδα ἀναχωρῶν εἰς τὰς ἐπαρχίας θὰ ἐπανέλθῃ εἰς τὰ τῆς συνεννοήσεως μετὰ τοῦ κ. Θεοτόκη περὶ τοῦ συνδυασμοῦ.

Ο κ. ΔΡΑΓΟΥΜΗΣ

Ὁ κ. Δραγούμης διστάζει ἀκόμη ἐν πάσῃ περιπτώσει εἰς τὴν ἀντιπολίτευσιν θὰ ἦνε χρήσιμον ἡ ὑποψηφιότης του εἰς τὴν Ἀττικήν.

Ἐν πάσῃ δὲ ὅμως περιπτώσει θὰ ἐκτεθῇ εἰς τὸν συνδυασμόν.

ΕΝ ΠΑΡΝΑΣΣΙΔΙ

Ὁ τέως Θεοτοκικὸς βουλευτὴς Παρνασσίδος κ. Μαρλὰς ἐπισκεφθεὶς

χθὲς τὴν ἑσπέραν τὸν ἀρχηγὸν τῆς ἀντιπολιτεύσεως κ. Ῥάλλην, ἐδήλωσε πρὸς αὐτὸν πολιτικὴν φιλίαν.

ΕΝ ΤΡΙΚΚΑΛΟΙΣ

Ἐγνώσθη χθὲς ὅτι ὁ κ. Χατζηγάκης ἔθηκε τὰς βάσεις ἁρμονίας Ῥαλλικοῦ συνδυασμοῦ μετὰ τοῦ κ. Σολωμοῦ Ζωγράφου.

Ἀφ' ἑτέρου ἐπιβεβαιοῦται ἡ συμφιλίωσις Χατζηπέτρου — Ζάππα καὶ Ῥαδινοῦ.

ΕΝ ΑΙΓΙΝΗ

Ἡ Κυβέρνησις ἀνεγνώρισεν ὡς ὑποψήφιον τῆς ἐν Αἰγίνῃ τὸν κ. Καλούδην.

ΕΝ ΘΗΡΑ

Ὁ συνδυασμὸς Μαρκεζίνη-Νομικοῦ διεσπάσθη, οὐδεὶς δ' ἕτερος καθιστάθη εἰσέτι.

ΕΝ ΠΑΤΡΑΙΣ

Εἰς τὰ πολιτικὰ τῶν Πατρῶν οὐδεμία ἐπῆλθε μεταβολή. Θεωρεῖται δ' ἤδη πιθανωτέρα ἡ σύμπραξις Γεροκωστοπούλου-Γούναρη. Ὑποσχέσεις τὰ πολιτικὰ τῶν Πατρῶν θὰ κανονισθῶσι
